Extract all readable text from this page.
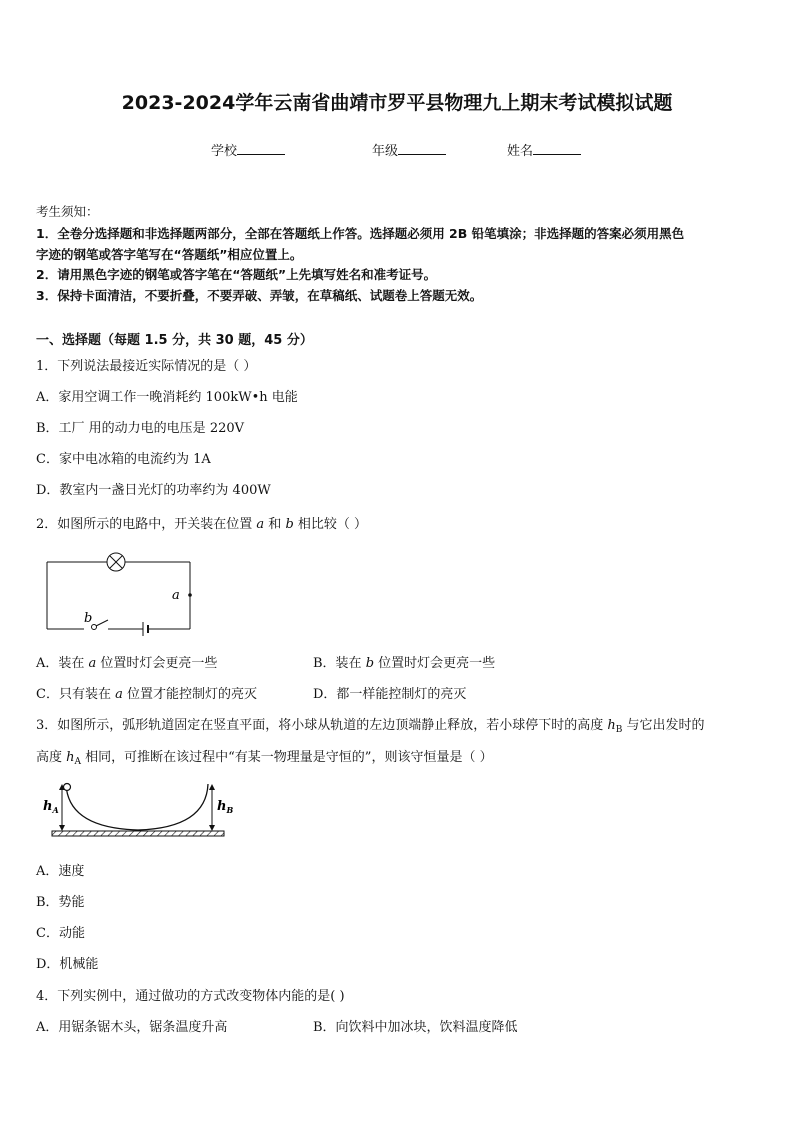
2023-2024学年云南省曲靖市罗平县物理九上期末考试模拟试题
学校	年级	姓名
考生须知：
1．全卷分选择题和非选择题两部分，全部在答题纸上作答。选择题必须用 2B 铅笔填涂；非选择题的答案必须用黑色
字迹的钢笔或答字笔写在“答题纸”相应位置上。
2．请用黑色字迹的钢笔或答字笔在“答题纸”上先填写姓名和准考证号。
3．保持卡面清洁，不要折叠，不要弄破、弄皱，在草稿纸、试题卷上答题无效。
一、选择题（每题 1.5 分，共 30 题，45 分）
1．下列说法最接近实际情况的是（ ）
A．家用空调工作一晚消耗约 100kW•h 电能
B．工厂 用的动力电的电压是 220V
C．家中电冰箱的电流约为 1A
D．教室内一盏日光灯的功率约为 400W
2．如图所示的电路中，开关装在位置 a 和 b 相比较（ ）
a
b
A．装在 a 位置时灯会更亮一些	B．装在 b 位置时灯会更亮一些
C．只有装在 a 位置才能控制灯的亮灭	D．都一样能控制灯的亮灭
3．如图所示，弧形轨道固定在竖直平面，将小球从轨道的左边顶端静止释放，若小球停下时的高度 $h_B$ 与它出发时的
高度 $h_A$ 相同，可推断在该过程中“有某一物理量是守恒的”，则该守恒量是（ ）
$h_A$	$h_B$
A．速度
B．势能
C．动能
D．机械能
4．下列实例中，通过做功的方式改变物体内能的是( )
A．用锯条锯木头，锯条温度升高	B．向饮料中加冰块，饮料温度降低
